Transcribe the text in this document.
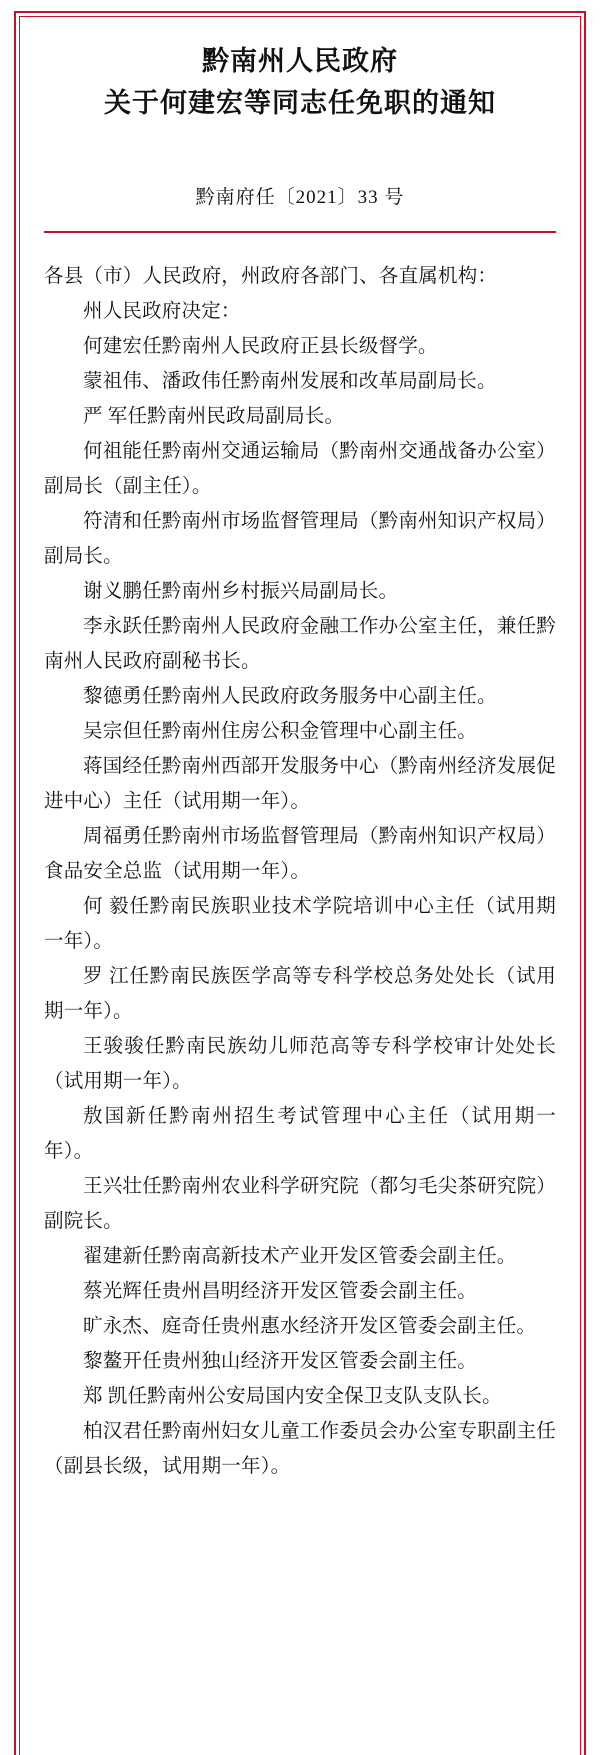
黔南州人民政府
关于何建宏等同志任免职的通知
黔南府任〔2021〕33 号

各县（市）人民政府，州政府各部门、各直属机构：

州人民政府决定：

何建宏任黔南州人民政府正县长级督学。

蒙祖伟、潘政伟任黔南州发展和改革局副局长。

严 军任黔南州民政局副局长。

何祖能任黔南州交通运输局（黔南州交通战备办公室）副局长（副主任）。

符清和任黔南州市场监督管理局（黔南州知识产权局）副局长。

谢义鹏任黔南州乡村振兴局副局长。

李永跃任黔南州人民政府金融工作办公室主任，兼任黔南州人民政府副秘书长。

黎德勇任黔南州人民政府政务服务中心副主任。

吴宗但任黔南州住房公积金管理中心副主任。

蒋国经任黔南州西部开发服务中心（黔南州经济发展促进中心）主任（试用期一年）。

周福勇任黔南州市场监督管理局（黔南州知识产权局）食品安全总监（试用期一年）。

何 毅任黔南民族职业技术学院培训中心主任（试用期一年）。

罗 江任黔南民族医学高等专科学校总务处处长（试用期一年）。

王骏骏任黔南民族幼儿师范高等专科学校审计处处长（试用期一年）。

敖国新任黔南州招生考试管理中心主任（试用期一年）。

王兴壮任黔南州农业科学研究院（都匀毛尖茶研究院）副院长。

翟建新任黔南高新技术产业开发区管委会副主任。

蔡光辉任贵州昌明经济开发区管委会副主任。

旷永杰、庭奇任贵州惠水经济开发区管委会副主任。

黎鳌开任贵州独山经济开发区管委会副主任。

郑 凯任黔南州公安局国内安全保卫支队支队长。

柏汉君任黔南州妇女儿童工作委员会办公室专职副主任（副县长级，试用期一年）。
